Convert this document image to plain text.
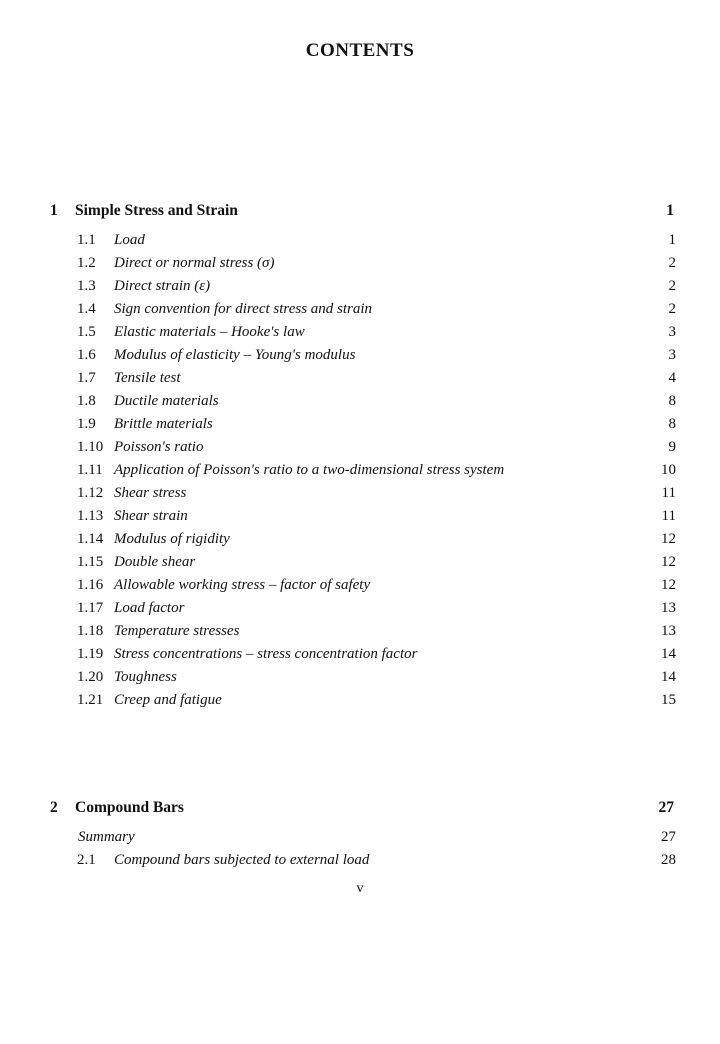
CONTENTS
1 Simple Stress and Strain	1
1.1 Load	1
1.2 Direct or normal stress (σ)	2
1.3 Direct strain (ε)	2
1.4 Sign convention for direct stress and strain	2
1.5 Elastic materials – Hooke's law	3
1.6 Modulus of elasticity – Young's modulus	3
1.7 Tensile test	4
1.8 Ductile materials	8
1.9 Brittle materials	8
1.10 Poisson's ratio	9
1.11 Application of Poisson's ratio to a two-dimensional stress system	10
1.12 Shear stress	11
1.13 Shear strain	11
1.14 Modulus of rigidity	12
1.15 Double shear	12
1.16 Allowable working stress – factor of safety	12
1.17 Load factor	13
1.18 Temperature stresses	13
1.19 Stress concentrations – stress concentration factor	14
1.20 Toughness	14
1.21 Creep and fatigue	15
2 Compound Bars	27
Summary	27
2.1 Compound bars subjected to external load	28
v
